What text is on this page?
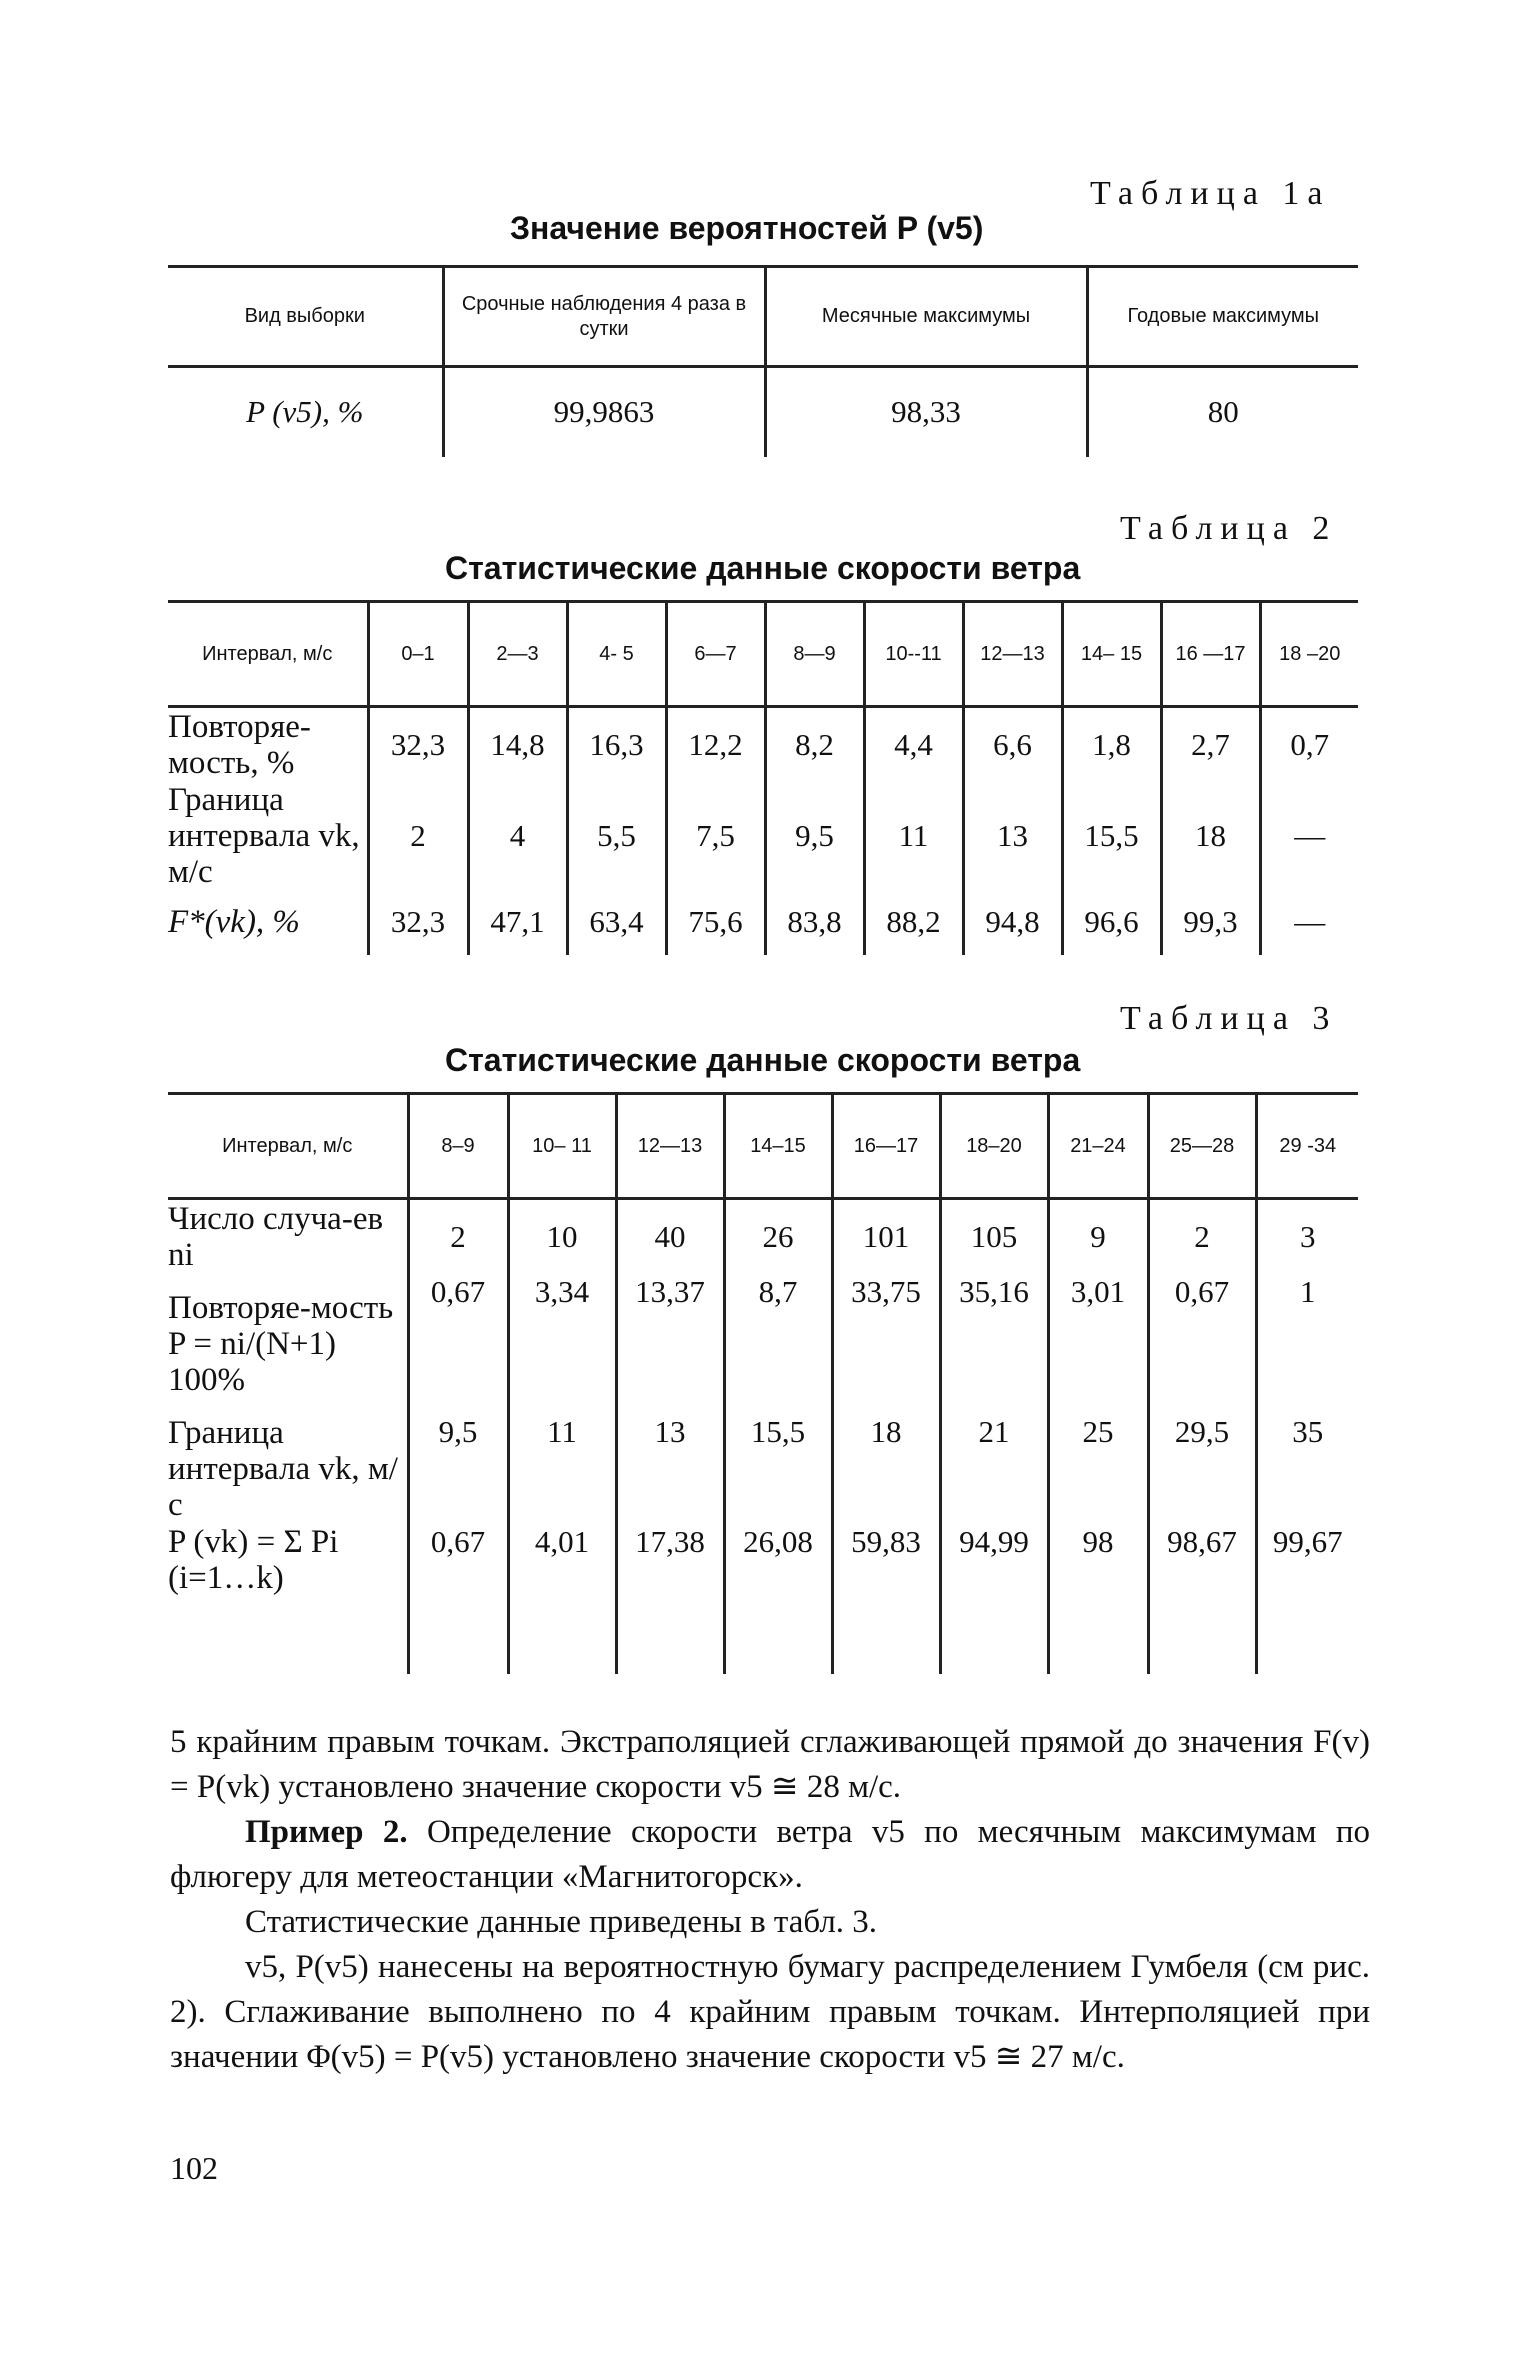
Таблица 1а
Значение вероятностей P (v5)
Вид выборки	Срочные наблюдения 4 раза в сутки	Месячные максимумы	Годовые максимумы
P (v5), %	99,9863	98,33	80
Таблица 2
Статистические данные скорости ветра
Интервал, м/с	0–1	2—3	4- 5	6—7	8—9	10--11	12—13	14– 15	16 —17	18 –20
Повторяе-мость, %	32,3	14,8	16,3	12,2	8,2	4,4	6,6	1,8	2,7	0,7
Граница интервала vk, м/с	2	4	5,5	7,5	9,5	11	13	15,5	18	—
F*(vk), %	32,3	47,1	63,4	75,6	83,8	88,2	94,8	96,6	99,3	—
Таблица 3
Статистические данные скорости ветра
Интервал, м/с	8–9	10– 11	12—13	14–15	16—17	18–20	21–24	25—28	29 -34
Число случа-ев ni	2	10	40	26	101	105	9	2	3
Повторяе-мость P = ni/(N+1) 100%	0,67	3,34	13,37	8,7	33,75	35,16	3,01	0,67	1
Граница интервала vk, м/с	9,5	11	13	15,5	18	21	25	29,5	35
P (vk) = Σ Pi (i=1…k)	0,67	4,01	17,38	26,08	59,83	94,99	98	98,67	99,67

5 крайним правым точкам. Экстраполяцией сглаживающей прямой до значения F(v) = P(vk) установлено значение скорости v5 ≅ 28 м/с.

Пример 2. Определение скорости ветра v5 по месячным максимумам по флюгеру для метеостанции «Магнитогорск».

Статистические данные приведены в табл. 3.

v5, P(v5) нанесены на вероятностную бумагу распределением Гумбеля (см рис. 2). Сглаживание выполнено по 4 крайним правым точкам. Интерполяцией при значении Φ(v5) = P(v5) установлено значение скорости v5 ≅ 27 м/с.

102
